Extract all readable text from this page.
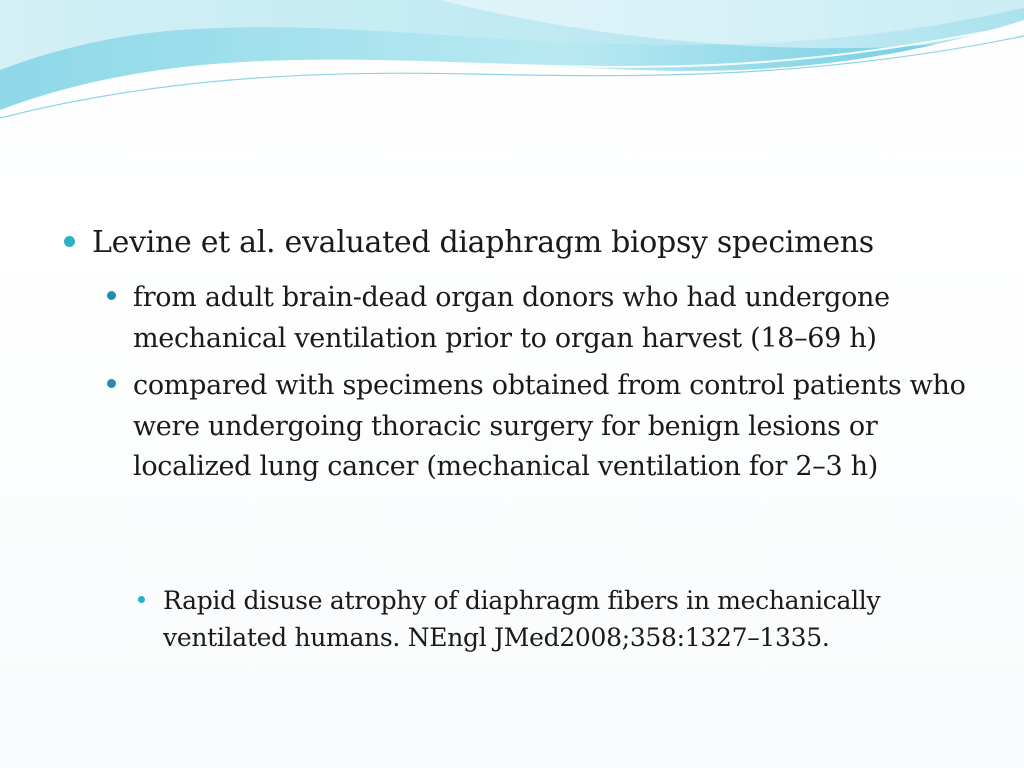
Levine et al. evaluated diaphragm biopsy specimens
from adult brain-dead organ donors who had undergone mechanical ventilation prior to organ harvest (18–69 h)
compared with specimens obtained from control patients who were undergoing thoracic surgery for benign lesions or localized lung cancer (mechanical ventilation for 2–3 h)
Rapid disuse atrophy of diaphragm fibers in mechanically ventilated humans. NEngl JMed2008;358:1327–1335.
